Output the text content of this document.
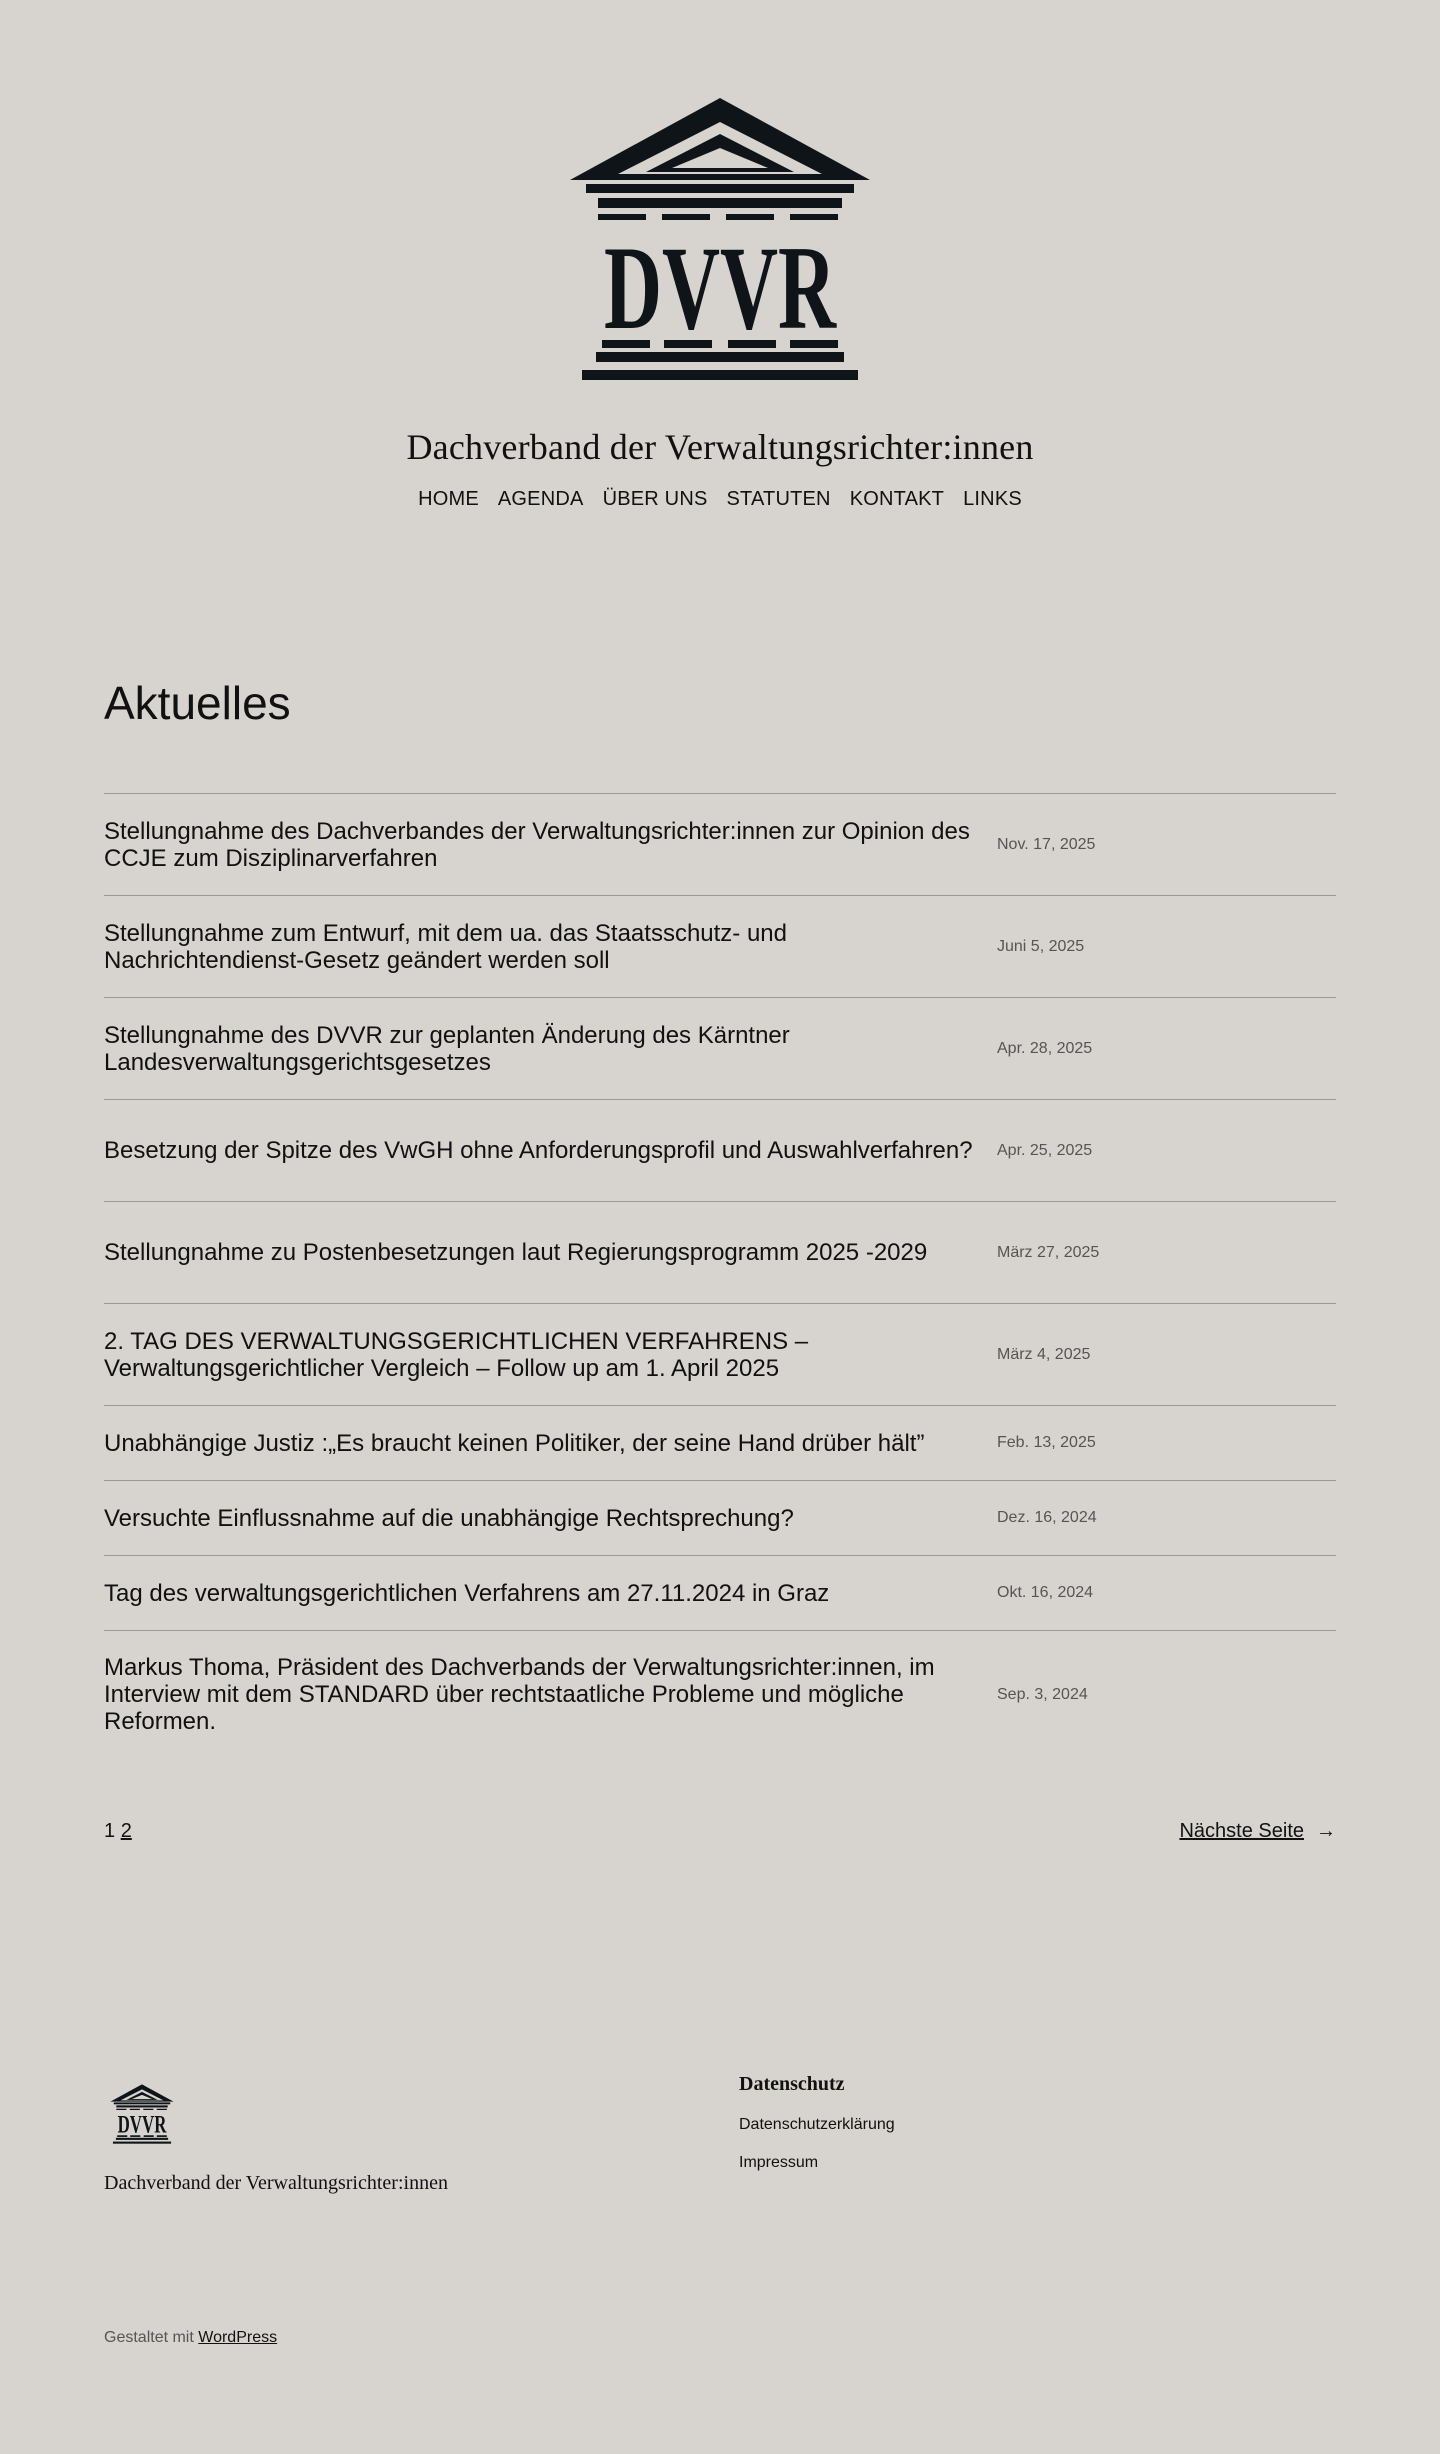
DVVR
Dachverband der Verwaltungsrichter:innen
HOME AGENDA ÜBER UNS STATUTEN KONTAKT LINKS
Aktuelles
Stellungnahme des Dachverbandes der Verwaltungsrichter:innen zur Opinion des CCJE zum Disziplinarverfahren
Nov. 17, 2025
Stellungnahme zum Entwurf, mit dem ua. das Staatsschutz- und Nachrichtendienst-Gesetz geändert werden soll
Juni 5, 2025
Stellungnahme des DVVR zur geplanten Änderung des Kärntner Landesverwaltungsgerichtsgesetzes
Apr. 28, 2025
Besetzung der Spitze des VwGH ohne Anforderungsprofil und Auswahlverfahren?	Apr. 25, 2025
Stellungnahme zu Postenbesetzungen laut Regierungsprogramm 2025 -2029	März 27, 2025
2. TAG DES VERWALTUNGSGERICHTLICHEN VERFAHRENS – Verwaltungsgerichtlicher Vergleich – Follow up am 1. April 2025
März 4, 2025
Unabhängige Justiz :„Es braucht keinen Politiker, der seine Hand drüber hält”	Feb. 13, 2025
Versuchte Einflussnahme auf die unabhängige Rechtsprechung?	Dez. 16, 2024
Tag des verwaltungsgerichtlichen Verfahrens am 27.11.2024 in Graz	Okt. 16, 2024
Markus Thoma, Präsident des Dachverbands der Verwaltungsrichter:innen, im Interview mit dem STANDARD über rechtstaatliche Probleme und mögliche Reformen.
Sep. 3, 2024
1 2	Nächste Seite →
DVVR
Dachverband der Verwaltungsrichter:innen
Datenschutz
Datenschutzerklärung
Impressum
Gestaltet mit WordPress
